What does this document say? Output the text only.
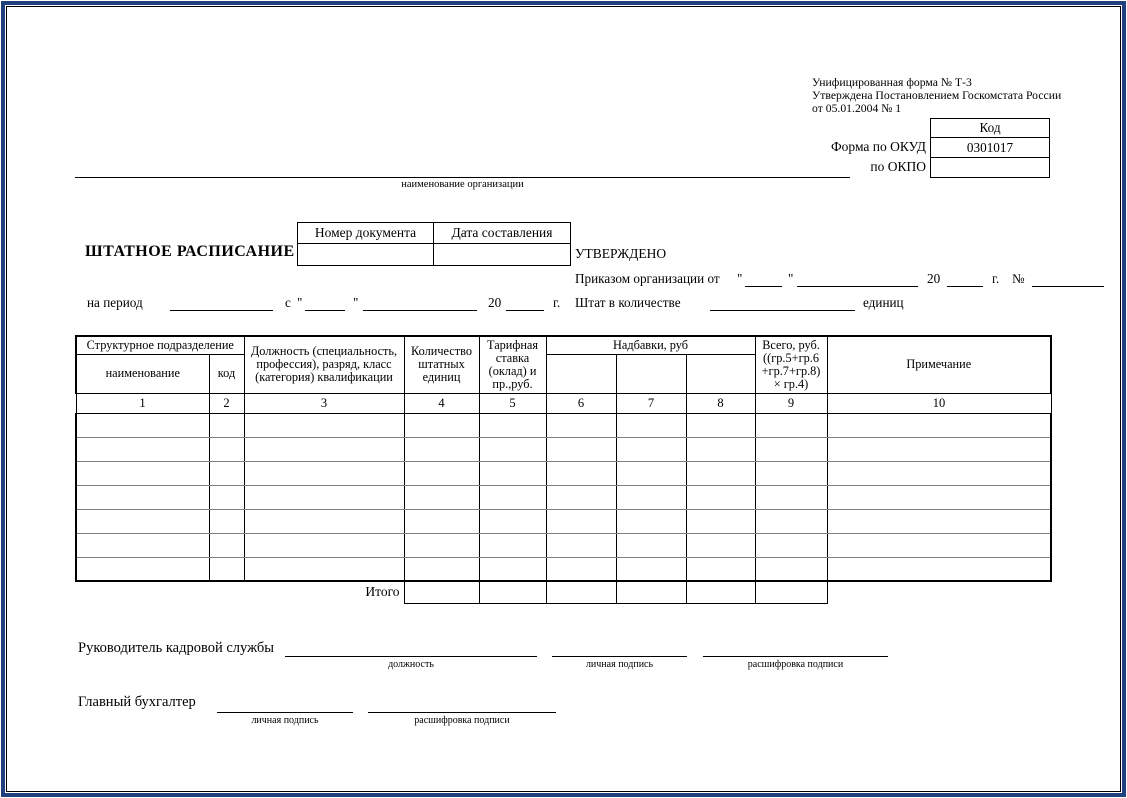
Унифицированная форма № Т-3
Утверждена Постановлением Госкомстата России
от 05.01.2004 № 1
Код
0301017

Форма по ОКУД
по ОКПО
наименование организации
ШТАТНОЕ РАСПИСАНИЕ
Номер документа	Дата составления

УТВЕРЖДЕНО
Приказом организации от "	"	20	г. №
Штат в количестве	единиц
на период	с "	"	20	г.
Структурное подразделение		Должность (специальность, профессия), разряд, класс (категория) квалификации	Количество штатных единиц	Тарифная ставка (оклад) и пр.,руб.	Надбавки, руб			Всего, руб. ((гр.5+гр.6 +гр.7+гр.8) × гр.4)	Примечание
наименование	код								
1	2	3	4	5	6	7	8	9	10

Итого									
Руководитель кадровой службы
должность	личная подпись	расшифровка подписи
Главный бухгалтер
личная подпись	расшифровка подписи
